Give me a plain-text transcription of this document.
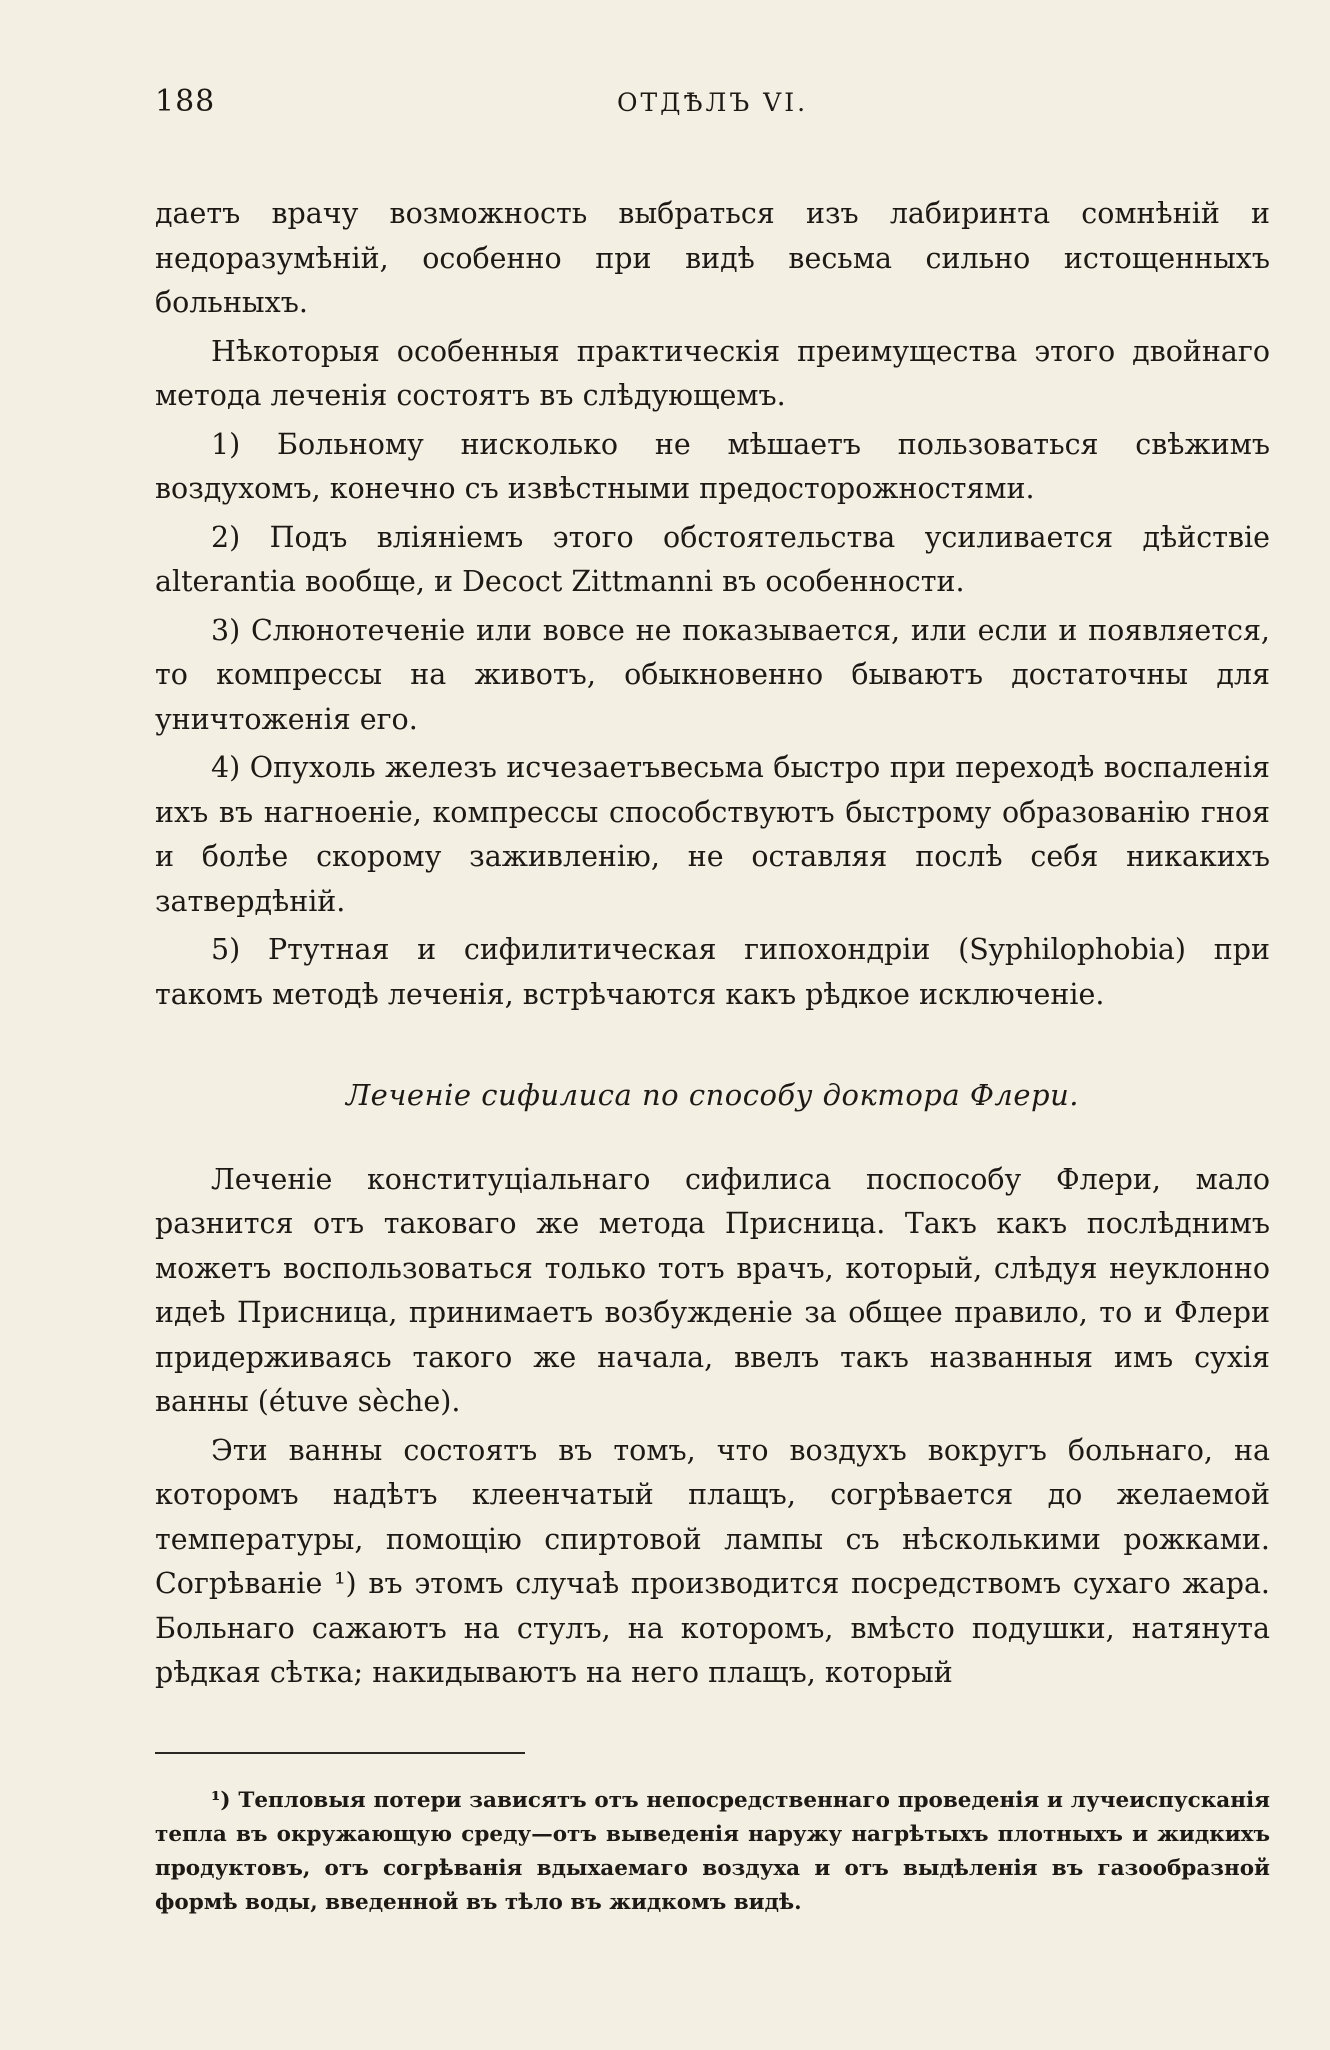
188	ОТДѢЛЪ VI.

даетъ врачу возможность выбраться изъ лабиринта сомнѣній и недоразумѣній, особенно при видѣ весьма сильно истощенныхъ больныхъ.

Нѣкоторыя особенныя практическія преимущества этого двойнаго метода леченія состоятъ въ слѣдующемъ.

1) Больному нисколько не мѣшаетъ пользоваться свѣжимъ воздухомъ, конечно съ извѣстными предосторожностями.

2) Подъ вліяніемъ этого обстоятельства усиливается дѣйствіе alterantia вообще, и Decoct Zittmanni въ особенности.

3) Слюнотеченіе или вовсе не показывается, или если и появляется, то компрессы на животъ, обыкновенно бываютъ достаточны для уничтоженія его.

4) Опухоль железъ исчезаетъвесьма быстро при переходѣ воспаленія ихъ въ нагноеніе, компрессы способствуютъ быстрому образованію гноя и болѣе скорому заживленію, не оставляя послѣ себя никакихъ затвердѣній.

5) Ртутная и сифилитическая гипохондріи (Syphilophobia) при такомъ методѣ леченія, встрѣчаются какъ рѣдкое исключеніе.

Леченіе сифилиса по способу доктора Флери.

Леченіе конституціальнаго сифилиса поспособу Флери, мало разнится отъ таковаго же метода Присница. Такъ какъ послѣднимъ можетъ воспользоваться только тотъ врачъ, который, слѣдуя неуклонно идеѣ Присница, принимаетъ возбужденіе за общее правило, то и Флери придерживаясь такого же начала, ввелъ такъ названныя имъ сухія ванны (étuve sèche).

Эти ванны состоятъ въ томъ, что воздухъ вокругъ больнаго, на которомъ надѣтъ клеенчатый плащъ, согрѣвается до желаемой температуры, помощію спиртовой лампы съ нѣсколькими рожками. Согрѣваніе ¹) въ этомъ случаѣ производится посредствомъ сухаго жара. Больнаго сажаютъ на стулъ, на которомъ, вмѣсто подушки, натянута рѣдкая сѣтка; накидываютъ на него плащъ, который

¹) Тепловыя потери зависятъ отъ непосредственнаго проведенія и лучеиспусканія тепла въ окружающую среду—отъ выведенія наружу нагрѣтыхъ плотныхъ и жидкихъ продуктовъ, отъ согрѣванія вдыхаемаго воздуха и отъ выдѣленія въ газообразной формѣ воды, введенной въ тѣло въ жидкомъ видѣ.
